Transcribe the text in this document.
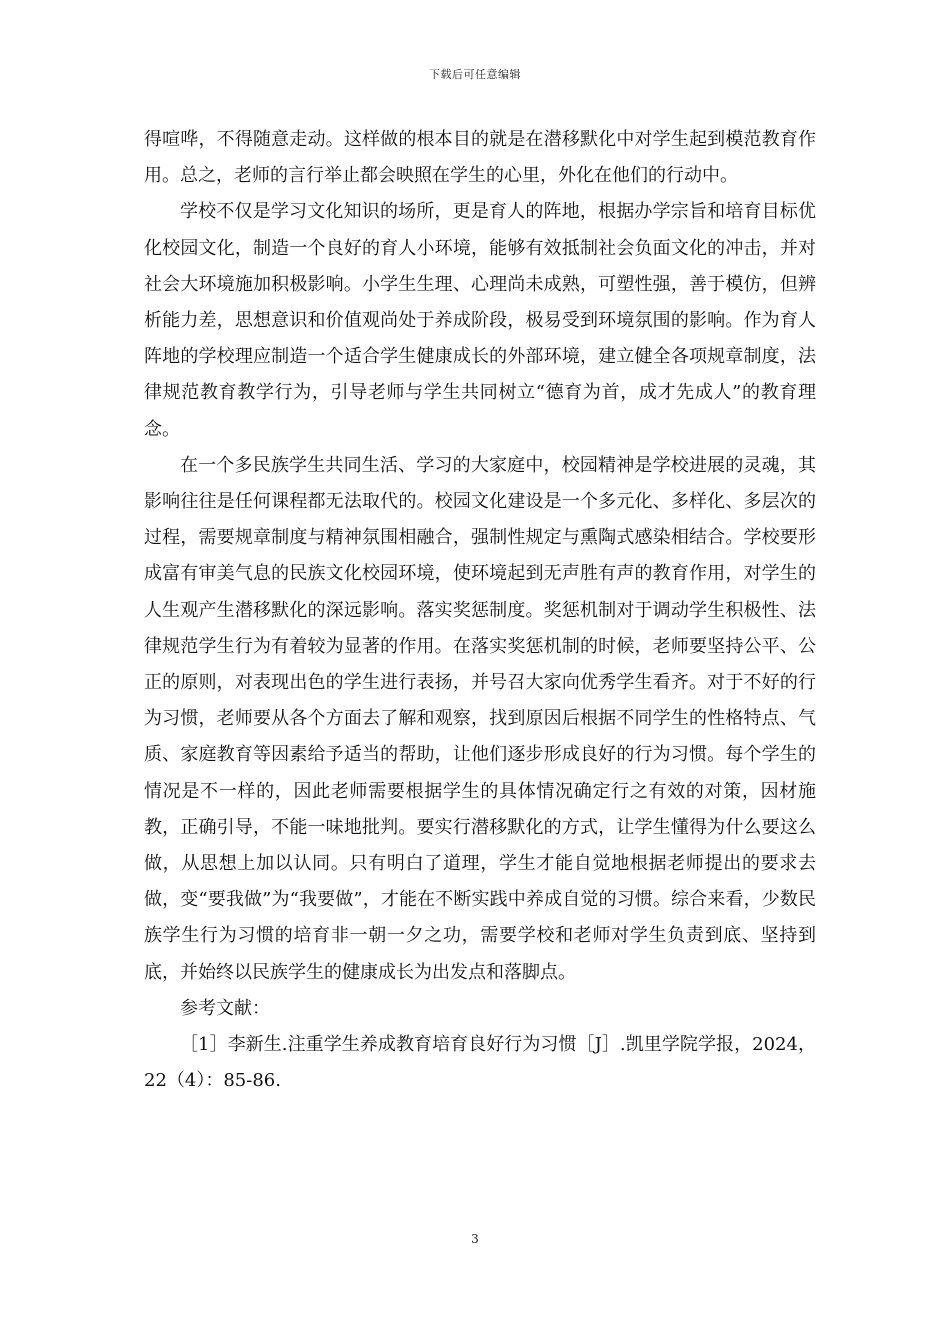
下载后可任意编辑

得喧哗，不得随意走动。这样做的根本目的就是在潜移默化中对学生起到模范教育作用。总之，老师的言行举止都会映照在学生的心里，外化在他们的行动中。

学校不仅是学习文化知识的场所，更是育人的阵地，根据办学宗旨和培育目标优化校园文化，制造一个良好的育人小环境，能够有效抵制社会负面文化的冲击，并对社会大环境施加积极影响。小学生生理、心理尚未成熟，可塑性强，善于模仿，但辨析能力差，思想意识和价值观尚处于养成阶段，极易受到环境氛围的影响。作为育人阵地的学校理应制造一个适合学生健康成长的外部环境，建立健全各项规章制度，法律规范教育教学行为，引导老师与学生共同树立“德育为首，成才先成人”的教育理念。

在一个多民族学生共同生活、学习的大家庭中，校园精神是学校进展的灵魂，其影响往往是任何课程都无法取代的。校园文化建设是一个多元化、多样化、多层次的过程，需要规章制度与精神氛围相融合，强制性规定与熏陶式感染相结合。学校要形成富有审美气息的民族文化校园环境，使环境起到无声胜有声的教育作用，对学生的人生观产生潜移默化的深远影响。落实奖惩制度。奖惩机制对于调动学生积极性、法律规范学生行为有着较为显著的作用。在落实奖惩机制的时候，老师要坚持公平、公正的原则，对表现出色的学生进行表扬，并号召大家向优秀学生看齐。对于不好的行为习惯，老师要从各个方面去了解和观察，找到原因后根据不同学生的性格特点、气质、家庭教育等因素给予适当的帮助，让他们逐步形成良好的行为习惯。每个学生的情况是不一样的，因此老师需要根据学生的具体情况确定行之有效的对策，因材施教，正确引导，不能一味地批判。要实行潜移默化的方式，让学生懂得为什么要这么做，从思想上加以认同。只有明白了道理，学生才能自觉地根据老师提出的要求去做，变“要我做”为“我要做”，才能在不断实践中养成自觉的习惯。综合来看，少数民族学生行为习惯的培育非一朝一夕之功，需要学校和老师对学生负责到底、坚持到底，并始终以民族学生的健康成长为出发点和落脚点。

参考文献：

［1］李新生.注重学生养成教育培育良好行为习惯［J］.凯里学院学报，2024，22（4）：85-86.

3
